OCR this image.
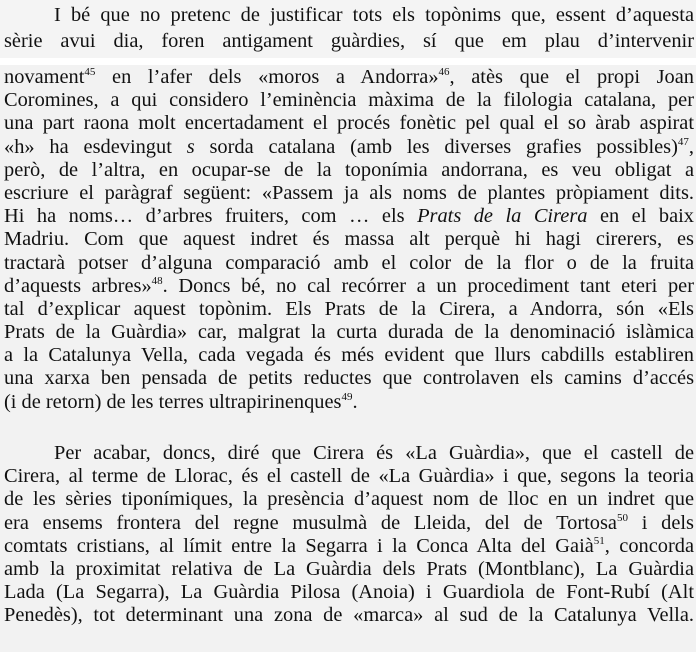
I bé que no pretenc de justificar tots els topònims que, essent d’aquesta
sèrie avui dia, foren antigament guàrdies, sí que em plau d’intervenir
novament$^{45}$ en l’afer dels «moros a Andorra»$^{46}$, atès que el propi Joan
Coromines, a qui considero l’eminència màxima de la filologia catalana, per
una part raona molt encertadament el procés fonètic pel qual el so àrab aspirat
«h» ha esdevingut s sorda catalana (amb les diverses grafies possibles)$^{47}$,
però, de l’altra, en ocupar-se de la toponímia andorrana, es veu obligat a
escriure el paràgraf següent: «Passem ja als noms de plantes pròpiament dits.
Hi ha noms… d’arbres fruiters, com … els Prats de la Cirera en el baix
Madriu. Com que aquest indret és massa alt perquè hi hagi cirerers, es
tractarà potser d’alguna comparació amb el color de la flor o de la fruita
d’aquests arbres»$^{48}$. Doncs bé, no cal recórrer a un procediment tant eteri per
tal d’explicar aquest topònim. Els Prats de la Cirera, a Andorra, són «Els
Prats de la Guàrdia» car, malgrat la curta durada de la denominació islàmica
a la Catalunya Vella, cada vegada és més evident que llurs cabdills establiren
una xarxa ben pensada de petits reductes que controlaven els camins d’accés
(i de retorn) de les terres ultrapirinenques$^{49}$.
Per acabar, doncs, diré que Cirera és «La Guàrdia», que el castell de
Cirera, al terme de Llorac, és el castell de «La Guàrdia» i que, segons la teoria
de les sèries tiponímiques, la presència d’aquest nom de lloc en un indret que
era ensems frontera del regne musulmà de Lleida, del de Tortosa$^{50}$ i dels
comtats cristians, al límit entre la Segarra i la Conca Alta del Gaià$^{51}$, concorda
amb la proximitat relativa de La Guàrdia dels Prats (Montblanc), La Guàrdia
Lada (La Segarra), La Guàrdia Pilosa (Anoia) i Guardiola de Font-Rubí (Alt
Penedès), tot determinant una zona de «marca» al sud de la Catalunya Vella.
